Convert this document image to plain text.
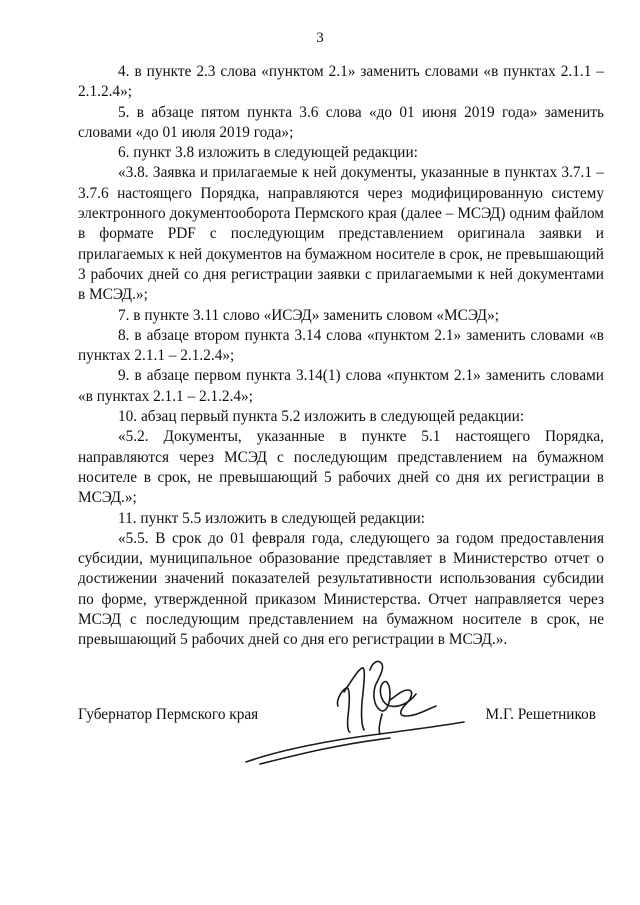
3

4. в пункте 2.3 слова «пунктом 2.1» заменить словами «в пунктах 2.1.1 – 2.1.2.4»;

5. в абзаце пятом пункта 3.6 слова «до 01 июня 2019 года» заменить словами «до 01 июля 2019 года»;

6. пункт 3.8 изложить в следующей редакции:

«3.8. Заявка и прилагаемые к ней документы, указанные в пунктах 3.7.1 – 3.7.6 настоящего Порядка, направляются через модифицированную систему электронного документооборота Пермского края (далее – МСЭД) одним файлом в формате PDF с последующим представлением оригинала заявки и прилагаемых к ней документов на бумажном носителе в срок, не превышающий 3 рабочих дней со дня регистрации заявки с прилагаемыми к ней документами в МСЭД.»;

7. в пункте 3.11 слово «ИСЭД» заменить словом «МСЭД»;

8. в абзаце втором пункта 3.14 слова «пунктом 2.1» заменить словами «в пунктах 2.1.1 – 2.1.2.4»;

9. в абзаце первом пункта 3.14(1) слова «пунктом 2.1» заменить словами «в пунктах 2.1.1 – 2.1.2.4»;

10. абзац первый пункта 5.2 изложить в следующей редакции:

«5.2. Документы, указанные в пункте 5.1 настоящего Порядка, направляются через МСЭД с последующим представлением на бумажном носителе в срок, не превышающий 5 рабочих дней со дня их регистрации в МСЭД.»;

11. пункт 5.5 изложить в следующей редакции:

«5.5. В срок до 01 февраля года, следующего за годом предоставления субсидии, муниципальное образование представляет в Министерство отчет о достижении значений показателей результативности использования субсидии по форме, утвержденной приказом Министерства. Отчет направляется через МСЭД с последующим представлением на бумажном носителе в срок, не превышающий 5 рабочих дней со дня его регистрации в МСЭД.».

Губернатор Пермского края	М.Г. Решетников
